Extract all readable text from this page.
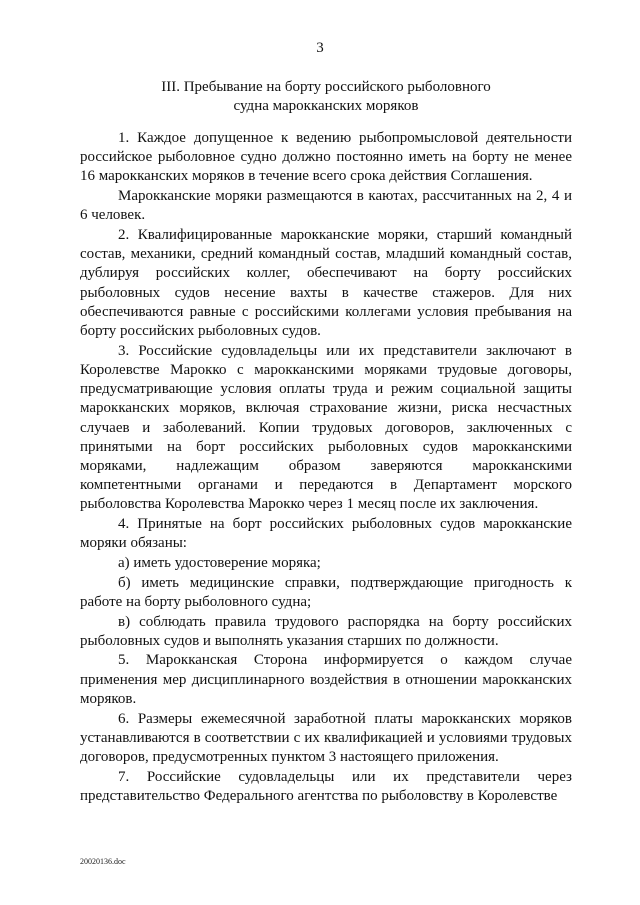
3
III. Пребывание на борту российского рыболовного
судна марокканских моряков

1. Каждое допущенное к ведению рыбопромысловой деятельности российское рыболовное судно должно постоянно иметь на борту не менее 16 марокканских моряков в течение всего срока действия Соглашения.

Марокканские моряки размещаются в каютах, рассчитанных на 2, 4 и 6 человек.

2. Квалифицированные марокканские моряки, старший командный состав, механики, средний командный состав, младший командный состав, дублируя российских коллег, обеспечивают на борту российских рыболовных судов несение вахты в качестве стажеров. Для них обеспечиваются равные с российскими коллегами условия пребывания на борту российских рыболовных судов.

3. Российские судовладельцы или их представители заключают в Королевстве Марокко с марокканскими моряками трудовые договоры, предусматривающие условия оплаты труда и режим социальной защиты марокканских моряков, включая страхование жизни, риска несчастных случаев и заболеваний. Копии трудовых договоров, заключенных с принятыми на борт российских рыболовных судов марокканскими моряками, надлежащим образом заверяются марокканскими компетентными органами и передаются в Департамент морского рыболовства Королевства Марокко через 1 месяц после их заключения.

4. Принятые на борт российских рыболовных судов марокканские моряки обязаны:

а) иметь удостоверение моряка;

б) иметь медицинские справки, подтверждающие пригодность к работе на борту рыболовного судна;

в) соблюдать правила трудового распорядка на борту российских рыболовных судов и выполнять указания старших по должности.

5. Марокканская Сторона информируется о каждом случае применения мер дисциплинарного воздействия в отношении марокканских моряков.

6. Размеры ежемесячной заработной платы марокканских моряков устанавливаются в соответствии с их квалификацией и условиями трудовых договоров, предусмотренных пунктом 3 настоящего приложения.

7. Российские судовладельцы или их представители через представительство Федерального агентства по рыболовству в Королевстве

20020136.doc
